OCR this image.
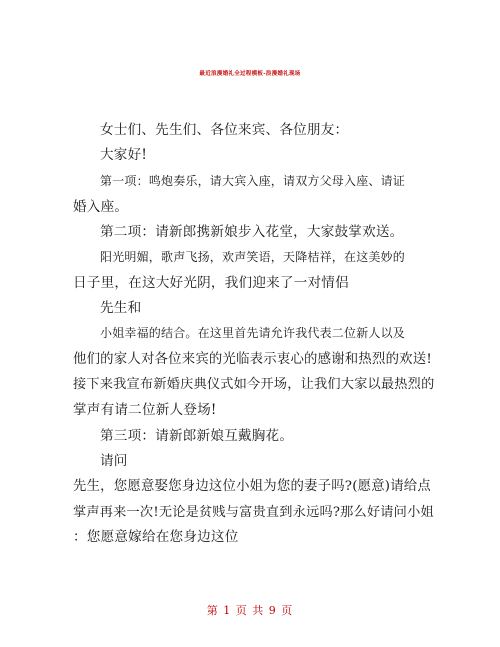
最近浪漫婚礼全过程模板-浪漫婚礼现场

女士们、先生们、各位来宾、各位朋友：

大家好!

第一项：鸣炮奏乐，请大宾入座，请双方父母入座、请证
婚入座。

第二项：请新郎携新娘步入花堂，大家鼓掌欢送。

阳光明媚，歌声飞扬，欢声笑语，天降桔祥，在这美妙的
日子里，在这大好光阴，我们迎来了一对情侣

先生和

小姐幸福的结合。在这里首先请允许我代表二位新人以及
他们的家人对各位来宾的光临表示衷心的感谢和热烈的欢送!
接下来我宣布新婚庆典仪式如今开场，让我们大家以最热烈的
掌声有请二位新人登场!

第三项：请新郎新娘互戴胸花。

请问

先生，您愿意娶您身边这位小姐为您的妻子吗?(愿意)请给点
掌声再来一次!无论是贫贱与富贵直到永远吗?那么好请问小姐
：您愿意嫁给在您身边这位

第 1 页 共 9 页
